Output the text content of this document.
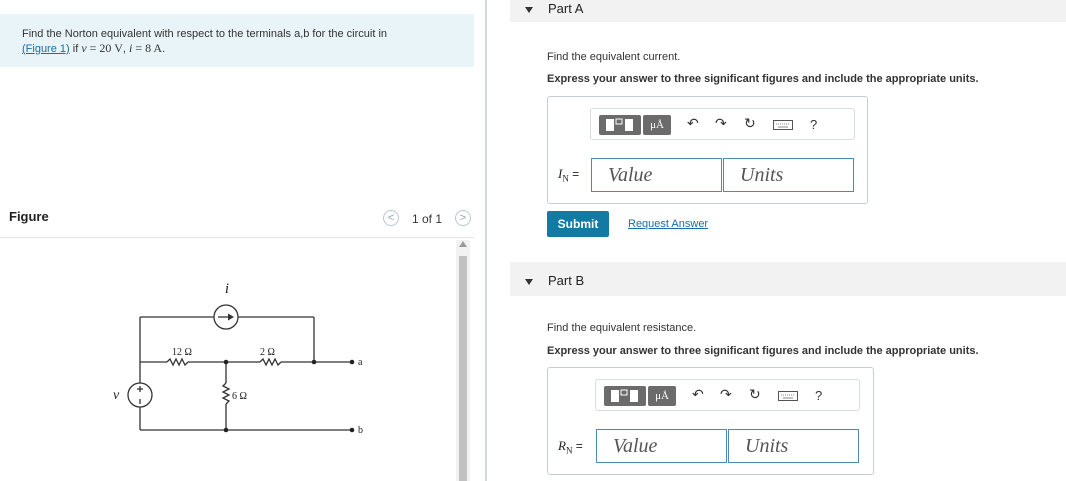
Find the Norton equivalent with respect to the terminals a,b for the circuit in
(Figure 1) if v = 20 V, i = 8 A.
Figure	< 1 of 1 >
i
v
12 Ω	2 Ω
6 Ω
a
b
Part A
Find the equivalent current.
Express your answer to three significant figures and include the appropriate units.
μÅ	↶ ↷ ↻	?
$I_N$ =	Value	Units
Submit	Request Answer
Part B
Find the equivalent resistance.
Express your answer to three significant figures and include the appropriate units.
μÅ	↶ ↷ ↻	?
$R_N$ =	Value	Units
